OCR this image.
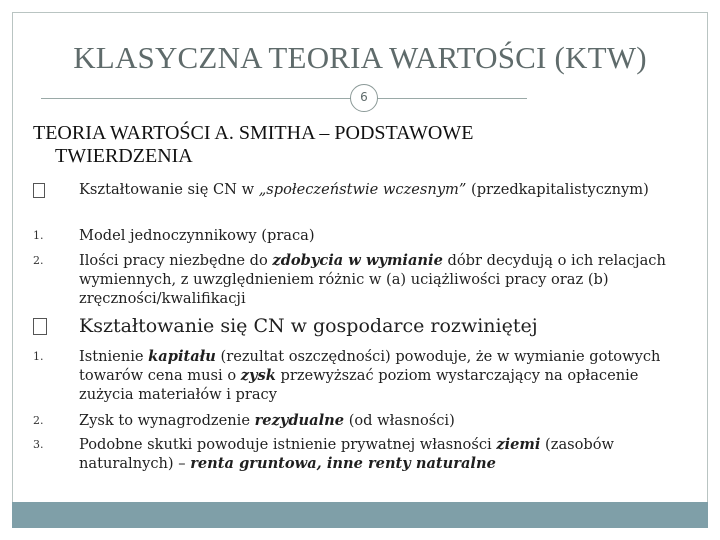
KLASYCZNA TEORIA WARTOŚCI (KTW)
6
TEORIA WARTOŚCI A. SMITHA – PODSTAWOWE
TWIERDZENIA
Kształtowanie się CN w „społeczeństwie wczesnym” (przedkapitalistycznym)
1.	Model jednoczynnikowy (praca)
2.	Ilości pracy niezbędne do zdobycia w wymianie dóbr decydują o ich relacjach wymiennych, z uwzględnieniem różnic w (a) uciążliwości pracy oraz (b) zręczności/kwalifikacji
Kształtowanie się CN w gospodarce rozwiniętej
1.	Istnienie kapitału (rezultat oszczędności) powoduje, że w wymianie gotowych towarów cena musi o zysk przewyższać poziom wystarczający na opłacenie zużycia materiałów i pracy
2.	Zysk to wynagrodzenie rezydualne (od własności)
3.	Podobne skutki powoduje istnienie prywatnej własności ziemi (zasobów naturalnych) – renta gruntowa, inne renty naturalne
